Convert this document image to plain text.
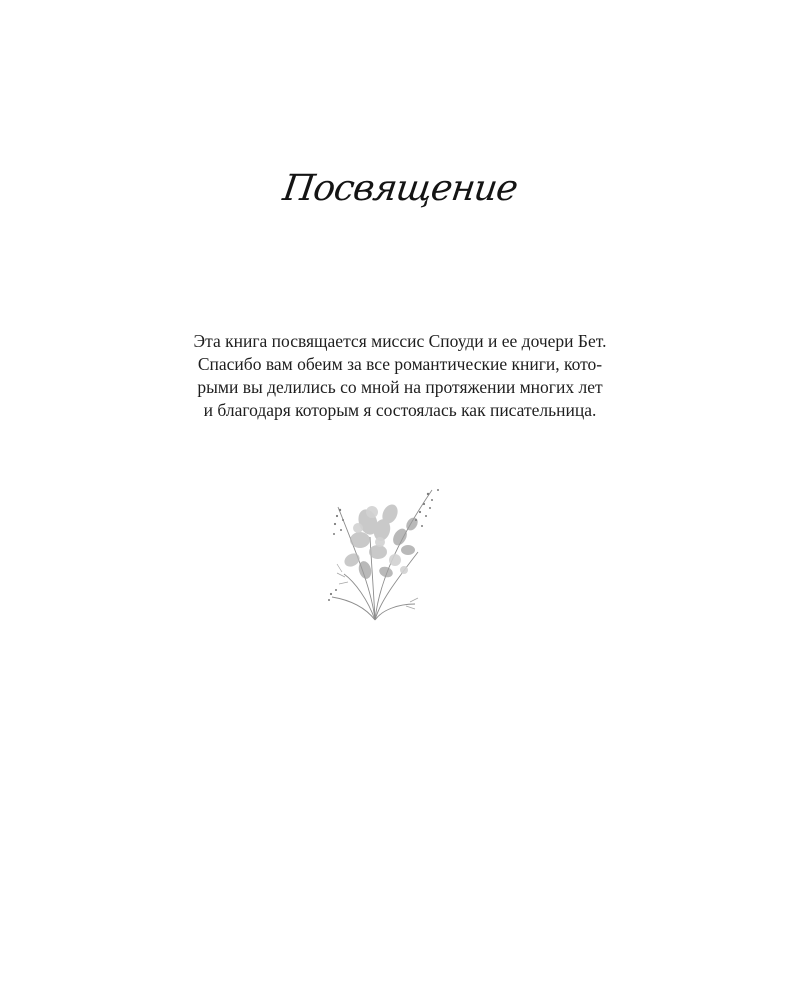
Посвящение
Эта книга посвящается миссис Споуди и ее дочери Бет.
Спасибо вам обеим за все романтические книги, кото-
рыми вы делились со мной на протяжении многих лет
и благодаря которым я состоялась как писательница.
